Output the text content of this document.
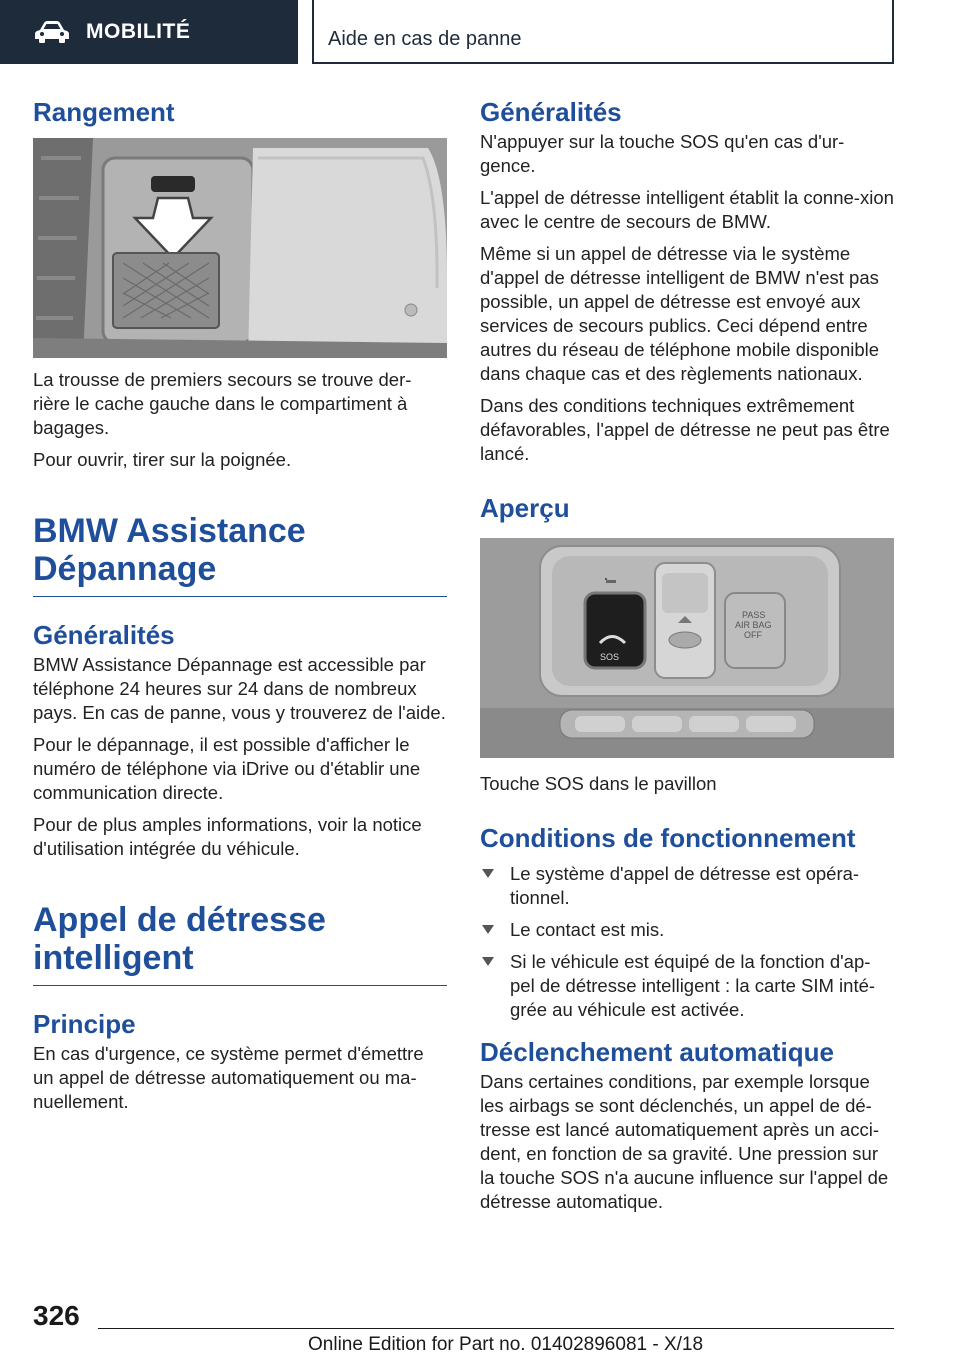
MOBILITÉ	Aide en cas de panne
Rangement

La trousse de premiers secours se trouve der-rière le cache gauche dans le compartiment à bagages.

Pour ouvrir, tirer sur la poignée.

BMW Assistance Dépannage
Généralités

BMW Assistance Dépannage est accessible par téléphone 24 heures sur 24 dans de nombreux pays. En cas de panne, vous y trouverez de l'aide.

Pour le dépannage, il est possible d'afficher le numéro de téléphone via iDrive ou d'établir une communication directe.

Pour de plus amples informations, voir la notice d'utilisation intégrée du véhicule.

Appel de détresse intelligent
Principe

En cas d'urgence, ce système permet d'émettre un appel de détresse automatiquement ou ma-nuellement.

Généralités

N'appuyer sur la touche SOS qu'en cas d'ur-gence.

L'appel de détresse intelligent établit la conne-xion avec le centre de secours de BMW.

Même si un appel de détresse via le système d'appel de détresse intelligent de BMW n'est pas possible, un appel de détresse est envoyé aux services de secours publics. Ceci dépend entre autres du réseau de téléphone mobile disponible dans chaque cas et des règlements nationaux.

Dans des conditions techniques extrêmement défavorables, l'appel de détresse ne peut pas être lancé.

Aperçu
SOS
PASS
AIR BAG
OFF

Touche SOS dans le pavillon

Conditions de fonctionnement
Le système d'appel de détresse est opéra-tionnel.
Le contact est mis.
Si le véhicule est équipé de la fonction d'ap-pel de détresse intelligent : la carte SIM inté-grée au véhicule est activée.
Déclenchement automatique

Dans certaines conditions, par exemple lorsque les airbags se sont déclenchés, un appel de dé-tresse est lancé automatiquement après un acci-dent, en fonction de sa gravité. Une pression sur la touche SOS n'a aucune influence sur l'appel de détresse automatique.

326
Online Edition for Part no. 01402896081 - X/18
